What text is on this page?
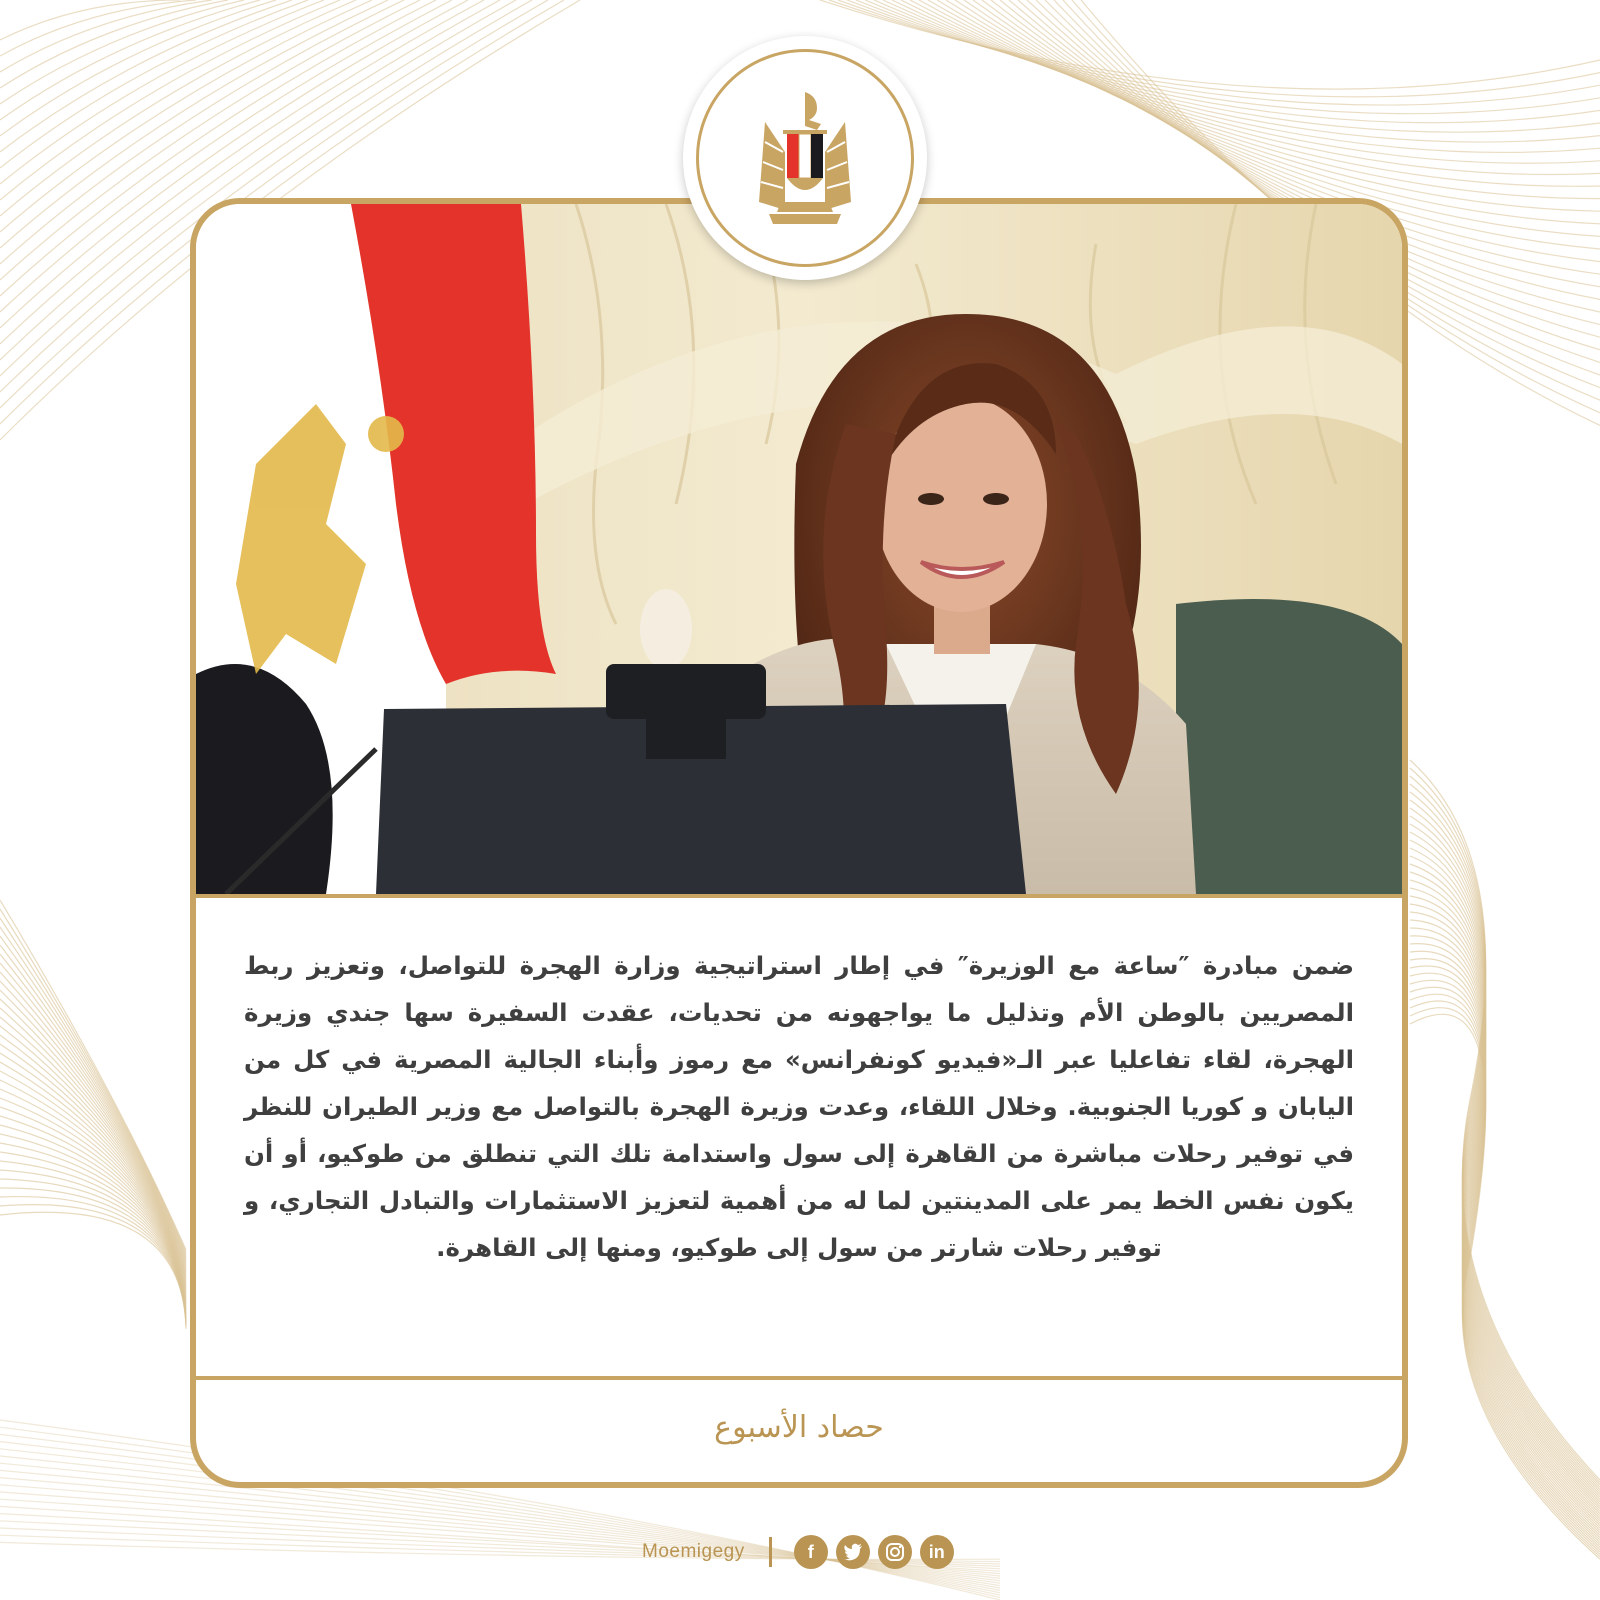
ضمن مبادرة ″ساعة مع الوزيرة″ في إطار استراتيجية وزارة الهجرة للتواصل، وتعزيز ربط المصريين بالوطن الأم وتذليل ما يواجهونه من تحديات، عقدت السفيرة سها جندي وزيرة الهجرة، لقاء تفاعليا عبر الـ«فيديو كونفرانس» مع رموز وأبناء الجالية المصرية في كل من اليابان و كوريا الجنوبية. وخلال اللقاء، وعدت وزيرة الهجرة بالتواصل مع وزير الطيران للنظر في توفير رحلات مباشرة من القاهرة إلى سول واستدامة تلك التي تنطلق من طوكيو، أو أن يكون نفس الخط يمر على المدينتين لما له من أهمية لتعزيز الاستثمارات والتبادل التجاري، و توفير رحلات شارتر من سول إلى طوكيو، ومنها إلى القاهرة.
حصاد الأسبوع
Moemigegy	f	in
